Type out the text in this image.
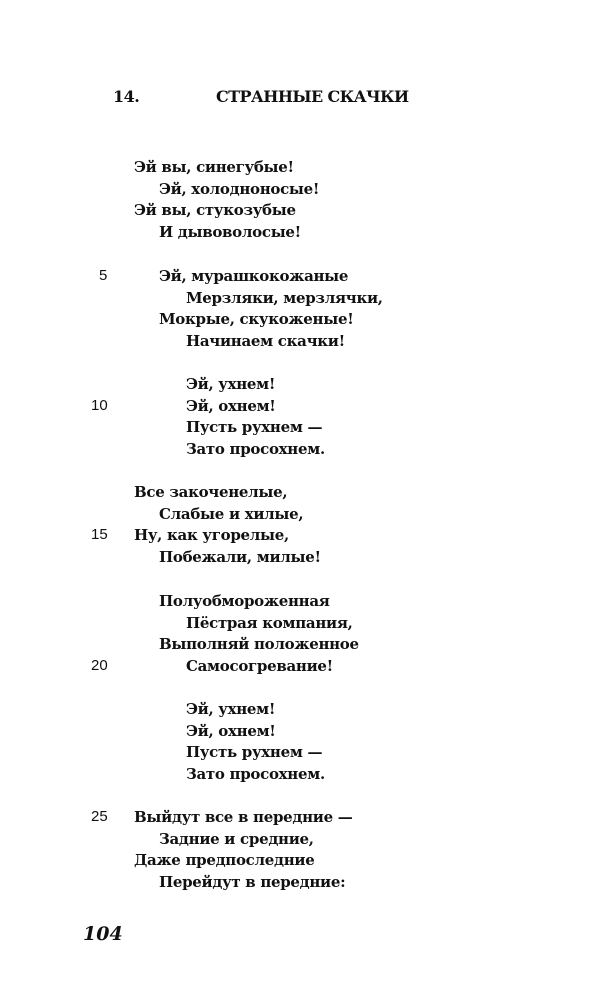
14.	СТРАННЫЕ СКАЧКИ
Эй вы, синегубые!
Эй, холодноносые!
Эй вы, стукозубые
И дывоволосые!
Эй, мурашкокожаные
5
Мерзляки, мерзлячки,
Мокрые, скукоженые!
Начинаем скачки!
Эй, ухнем!
Эй, охнем!
10
Пусть рухнем —
Зато просохнем.
Все закоченелые,
Слабые и хилые,
Ну, как угорелые,
15
Побежали, милые!
Полуобмороженная
Пёстрая компания,
Выполняй положенное
Самосогревание!
20
Эй, ухнем!
Эй, охнем!
Пусть рухнем —
Зато просохнем.
Выйдут все в передние —
25
Задние и средние,
Даже предпоследние
Перейдут в передние:
104
